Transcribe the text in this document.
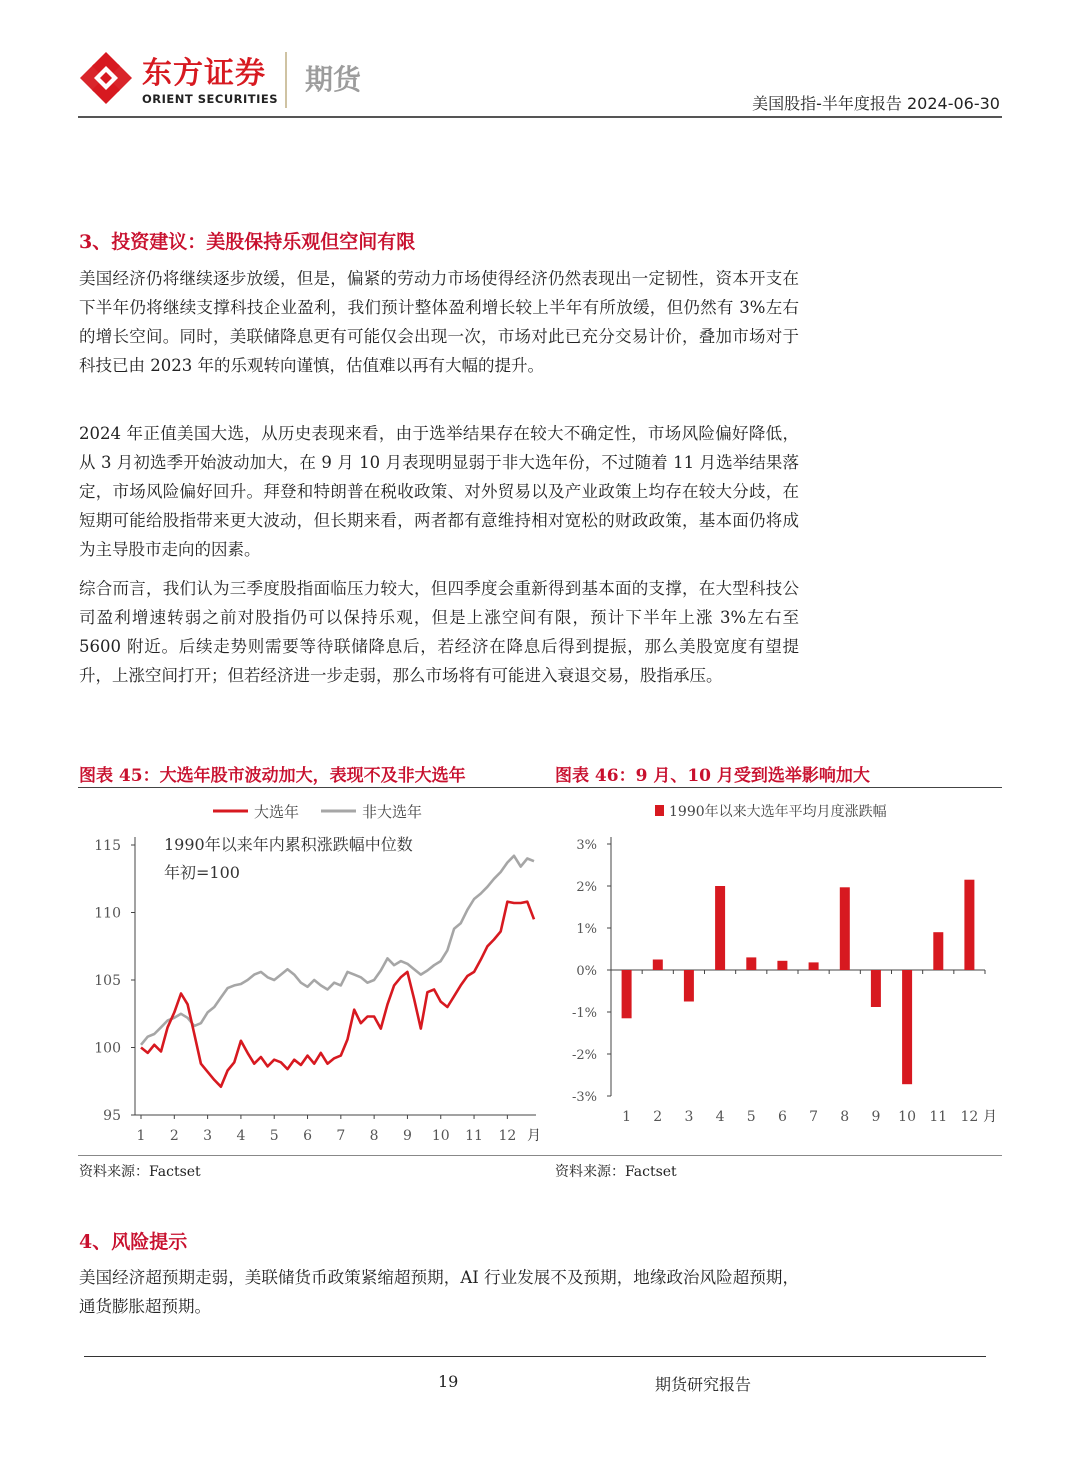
东方证券
ORIENT SECURITIES
期货
美国股指-半年度报告 2024-06-30
3、投资建议：美股保持乐观但空间有限

美国经济仍将继续逐步放缓，但是，偏紧的劳动力市场使得经济仍然表现出一定韧性，资本开支在下半年仍将继续支撑科技企业盈利，我们预计整体盈利增长较上半年有所放缓，但仍然有 3%左右的增长空间。同时，美联储降息更有可能仅会出现一次，市场对此已充分交易计价，叠加市场对于科技已由 2023 年的乐观转向谨慎，估值难以再有大幅的提升。

2024 年正值美国大选，从历史表现来看，由于选举结果存在较大不确定性，市场风险偏好降低，从 3 月初选季开始波动加大，在 9 月 10 月表现明显弱于非大选年份，不过随着 11 月选举结果落定，市场风险偏好回升。拜登和特朗普在税收政策、对外贸易以及产业政策上均存在较大分歧，在短期可能给股指带来更大波动，但长期来看，两者都有意维持相对宽松的财政政策，基本面仍将成为主导股市走向的因素。

综合而言，我们认为三季度股指面临压力较大，但四季度会重新得到基本面的支撑，在大型科技公司盈利增速转弱之前对股指仍可以保持乐观，但是上涨空间有限，预计下半年上涨 3%左右至 5600 附近。后续走势则需要等待联储降息后，若经济在降息后得到提振，那么美股宽度有望提升，上涨空间打开；但若经济进一步走弱，那么市场将有可能进入衰退交易，股指承压。

图表 45：大选年股市波动加大，表现不及非大选年	图表 46：9 月、10 月受到选举影响加大
大选年	非大选年
1990年以来年内累积涨跌幅中位数
年初=100
95
100
105
110
115
1 2 3 4 5 6 7 8 9 10 11 12 月
1990年以来大选年平均月度涨跌幅
3%
2%
1%
0%
-1%
-2%
-3%
1 2 3 4 5 6 7 8 9 10 11 12 月
资料来源：Factset	资料来源：Factset
4、风险提示

美国经济超预期走弱，美联储货币政策紧缩超预期，AI 行业发展不及预期，地缘政治风险超预期，通货膨胀超预期。

19	期货研究报告
